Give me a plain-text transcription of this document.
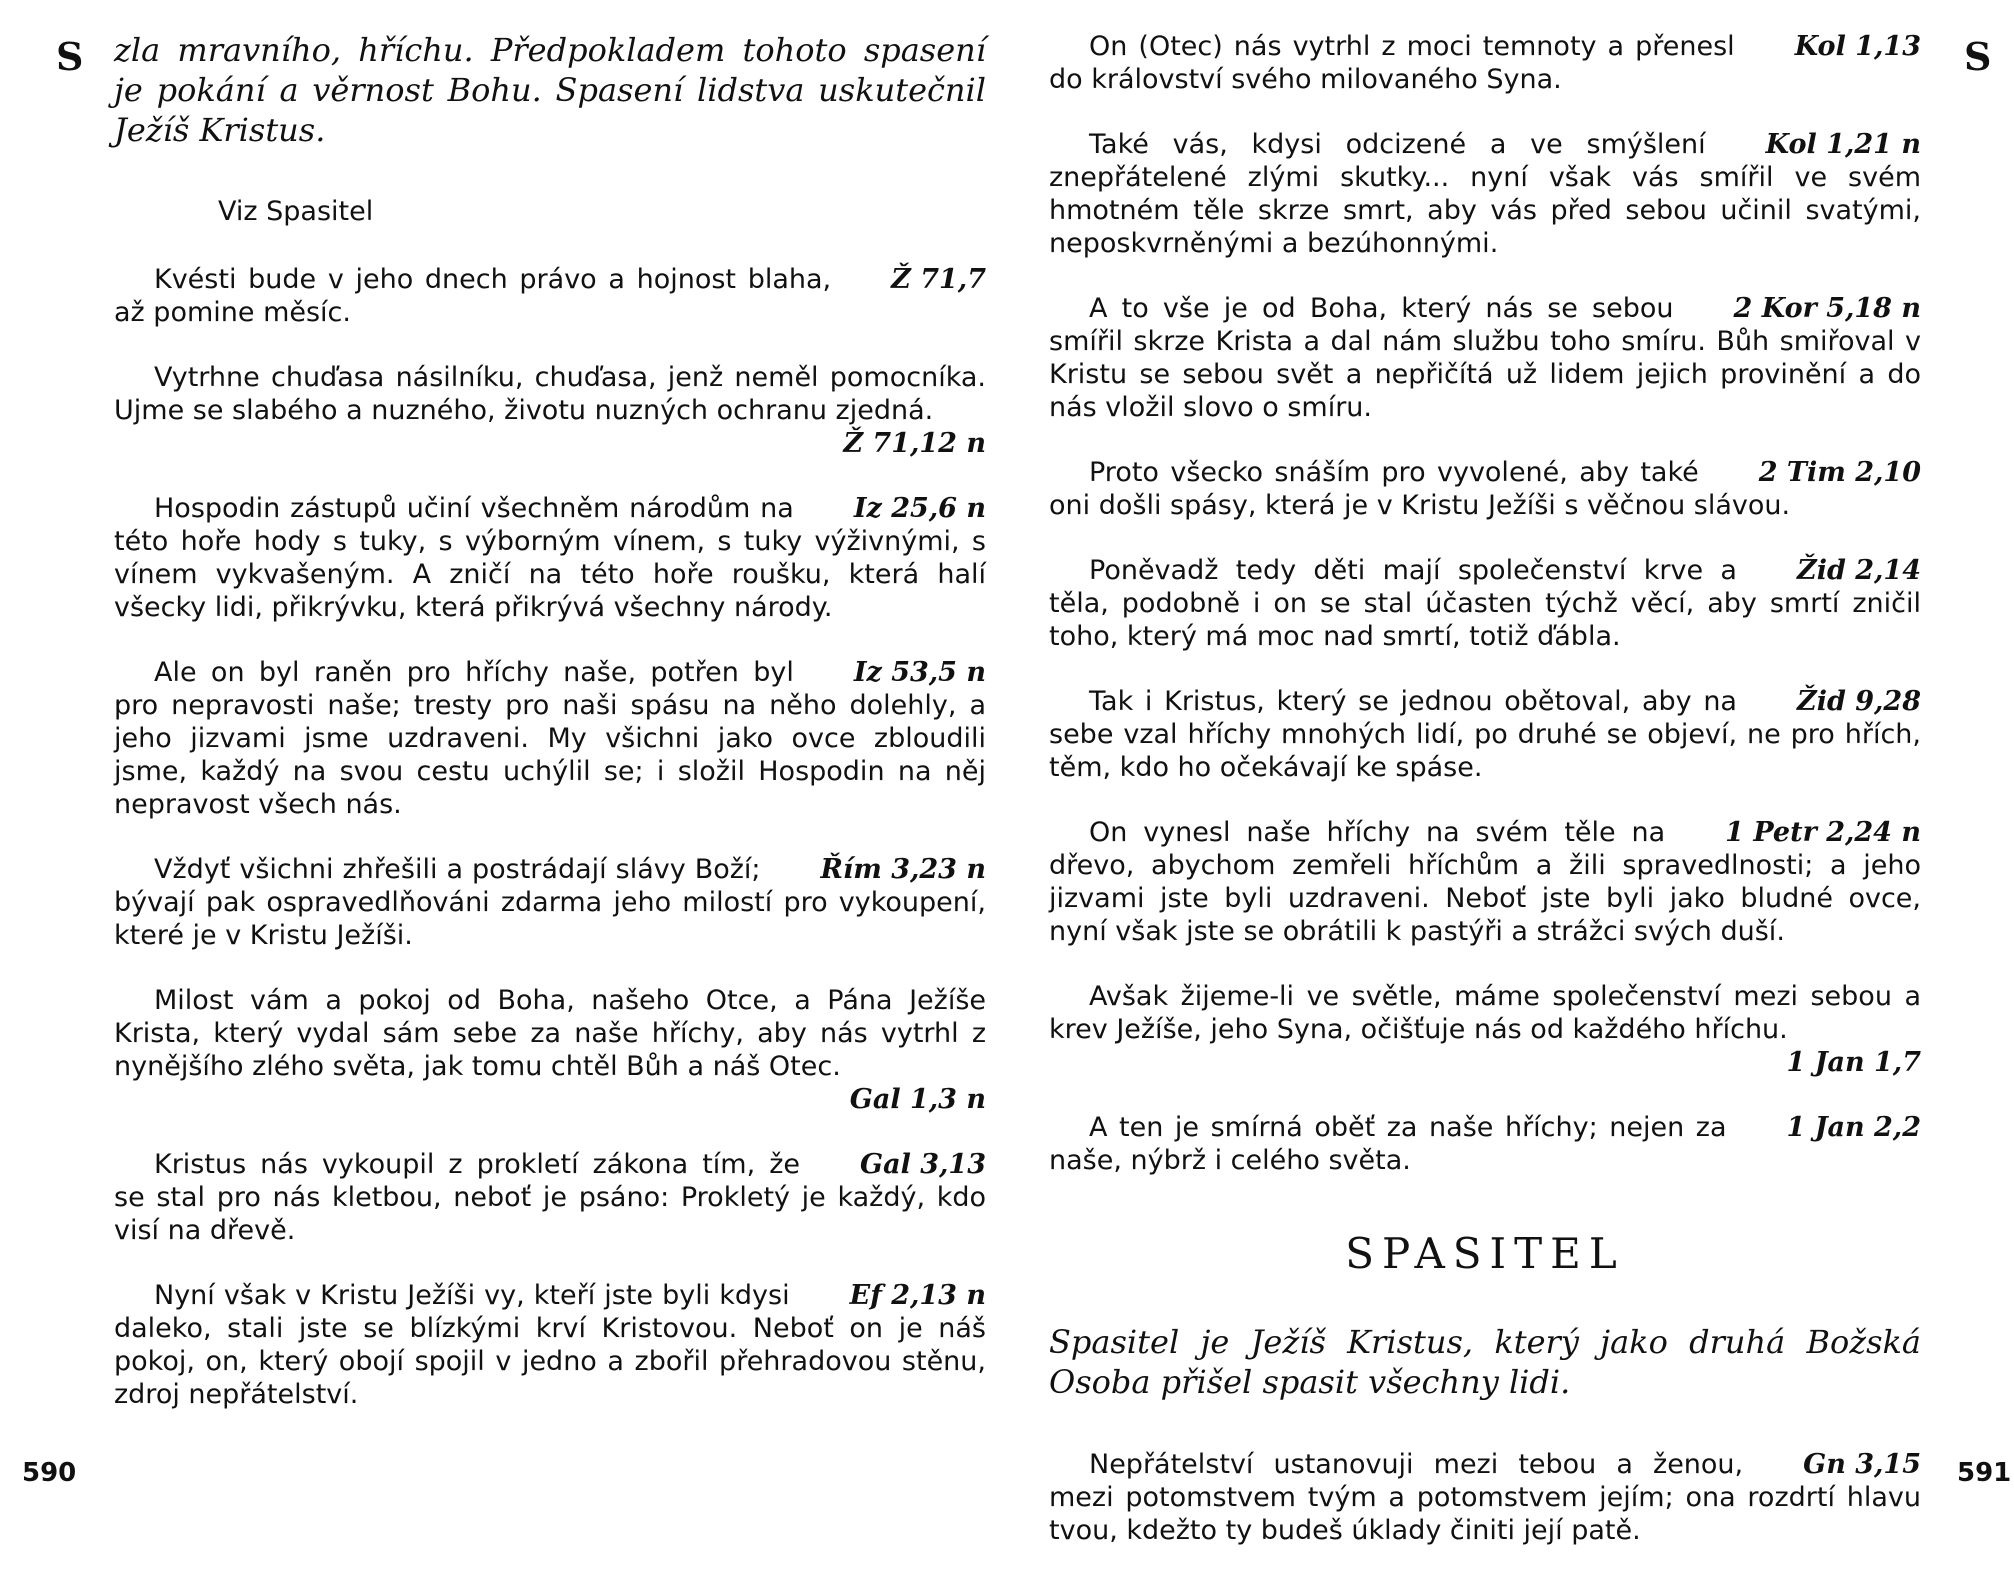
S zla mravního, hříchu. Předpokladem tohoto spasení je pokání a věrnost Bohu. Spasení lidstva uskutečnil Ježíš Kristus.

Viz Spasitel

Ž 71,7
Kvésti bude v jeho dnech právo a hojnost blaha, až pomine měsíc.

Vytrhne chuďasa násilníku, chuďasa, jenž neměl pomocníka. Ujme se slabého a nuzného, životu nuzných ochranu zjedná.

Ž 71,12 n

Iz 25,6 n
Hospodin zástupů učiní všechněm národům na této hoře hody s tuky, s výborným vínem, s tuky výživnými, s vínem vykvašeným. A zničí na této hoře roušku, která halí všecky lidi, přikrývku, která přikrývá všechny národy.

Iz 53,5 n
Ale on byl raněn pro hříchy naše, potřen byl pro nepravosti naše; tresty pro naši spásu na něho dolehly, a jeho jizvami jsme uzdraveni. My všichni jako ovce zbloudili jsme, každý na svou cestu uchýlil se; i složil Hospodin na něj nepravost všech nás.

Řím 3,23 n
Vždyť všichni zhřešili a postrádají slávy Boží; bývají pak ospravedlňováni zdarma jeho milostí pro vykoupení, které je v Kristu Ježíši.

Milost vám a pokoj od Boha, našeho Otce, a Pána Ježíše Krista, který vydal sám sebe za naše hříchy, aby nás vytrhl z nynějšího zlého světa, jak tomu chtěl Bůh a náš Otec.

Gal 1,3 n

Gal 3,13
Kristus nás vykoupil z prokletí zákona tím, že se stal pro nás kletbou, neboť je psáno: Prokletý je každý, kdo visí na dřevě.

Ef 2,13 n
Nyní však v Kristu Ježíši vy, kteří jste byli kdysi daleko, stali jste se blízkými krví Kristovou. Neboť on je náš pokoj, on, který obojí spojil v jedno a zbořil přehradovou stěnu, zdroj nepřátelství.

590
S

Kol 1,13
On (Otec) nás vytrhl z moci temnoty a přenesl do království svého milovaného Syna.

Kol 1,21 n
Také vás, kdysi odcizené a ve smýšlení znepřátelené zlými skutky... nyní však vás smířil ve svém hmotném těle skrze smrt, aby vás před sebou učinil svatými, neposkvrněnými a bezúhonnými.

2 Kor 5,18 n
A to vše je od Boha, který nás se sebou smířil skrze Krista a dal nám službu toho smíru. Bůh smiřoval v Kristu se sebou svět a nepřičítá už lidem jejich provinění a do nás vložil slovo o smíru.

2 Tim 2,10
Proto všecko snáším pro vyvolené, aby také oni došli spásy, která je v Kristu Ježíši s věčnou slávou.

Žid 2,14
Poněvadž tedy děti mají společenství krve a těla, podobně i on se stal účasten týchž věcí, aby smrtí zničil toho, který má moc nad smrtí, totiž ďábla.

Žid 9,28
Tak i Kristus, který se jednou obětoval, aby na sebe vzal hříchy mnohých lidí, po druhé se objeví, ne pro hřích, těm, kdo ho očekávají ke spáse.

1 Petr 2,24 n
On vynesl naše hříchy na svém těle na dřevo, abychom zemřeli hříchům a žili spravedlnosti; a jeho jizvami jste byli uzdraveni. Neboť jste byli jako bludné ovce, nyní však jste se obrátili k pastýři a strážci svých duší.

Avšak žijeme-li ve světle, máme společenství mezi sebou a krev Ježíše, jeho Syna, očišťuje nás od každého hříchu.

1 Jan 1,7

1 Jan 2,2
A ten je smírná oběť za naše hříchy; nejen za naše, nýbrž i celého světa.

SPASITEL

Spasitel je Ježíš Kristus, který jako druhá Božská Osoba přišel spasit všechny lidi.

Gn 3,15
Nepřátelství ustanovuji mezi tebou a ženou, mezi potomstvem tvým a potomstvem jejím; ona rozdrtí hlavu tvou, kdežto ty budeš úklady činiti její patě.

591
